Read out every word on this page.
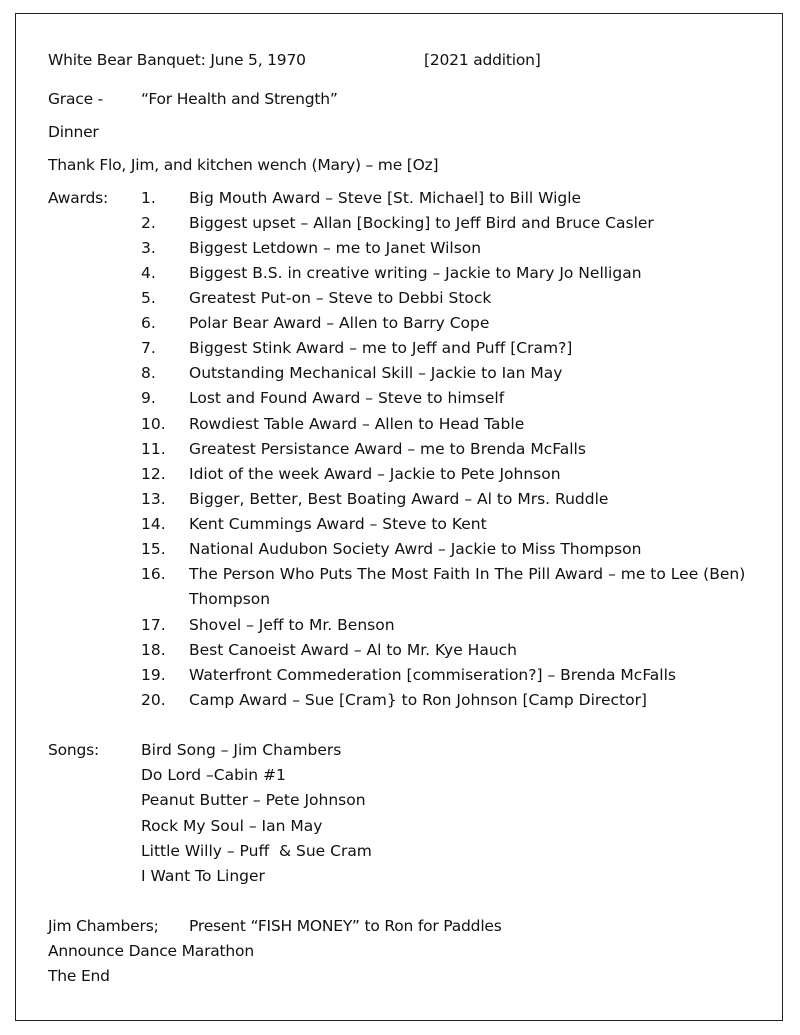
White Bear Banquet: June 5, 1970	[2021 addition]
Grace - “For Health and Strength”
Dinner
Thank Flo, Jim, and kitchen wench (Mary) – me [Oz]
Awards: 1. Big Mouth Award – Steve [St. Michael] to Bill Wigle
2. Biggest upset – Allan [Bocking] to Jeff Bird and Bruce Casler
3. Biggest Letdown – me to Janet Wilson
4. Biggest B.S. in creative writing – Jackie to Mary Jo Nelligan
5. Greatest Put-on – Steve to Debbi Stock
6. Polar Bear Award – Allen to Barry Cope
7. Biggest Stink Award – me to Jeff and Puff [Cram?]
8. Outstanding Mechanical Skill – Jackie to Ian May
9. Lost and Found Award – Steve to himself
10. Rowdiest Table Award – Allen to Head Table
11. Greatest Persistance Award – me to Brenda McFalls
12. Idiot of the week Award – Jackie to Pete Johnson
13. Bigger, Better, Best Boating Award – Al to Mrs. Ruddle
14. Kent Cummings Award – Steve to Kent
15. National Audubon Society Awrd – Jackie to Miss Thompson
16. The Person Who Puts The Most Faith In The Pill Award – me to Lee (Ben) Thompson
17. Shovel – Jeff to Mr. Benson
18. Best Canoeist Award – Al to Mr. Kye Hauch
19. Waterfront Commederation [commiseration?] – Brenda McFalls
20. Camp Award – Sue [Cram} to Ron Johnson [Camp Director]
Songs:	Bird Song – Jim Chambers
Do Lord –Cabin #1
Peanut Butter – Pete Johnson
Rock My Soul – Ian May
Little Willy – Puff  & Sue Cram
I Want To Linger
Jim Chambers; Present “FISH MONEY” to Ron for Paddles
Announce Dance Marathon
The End
